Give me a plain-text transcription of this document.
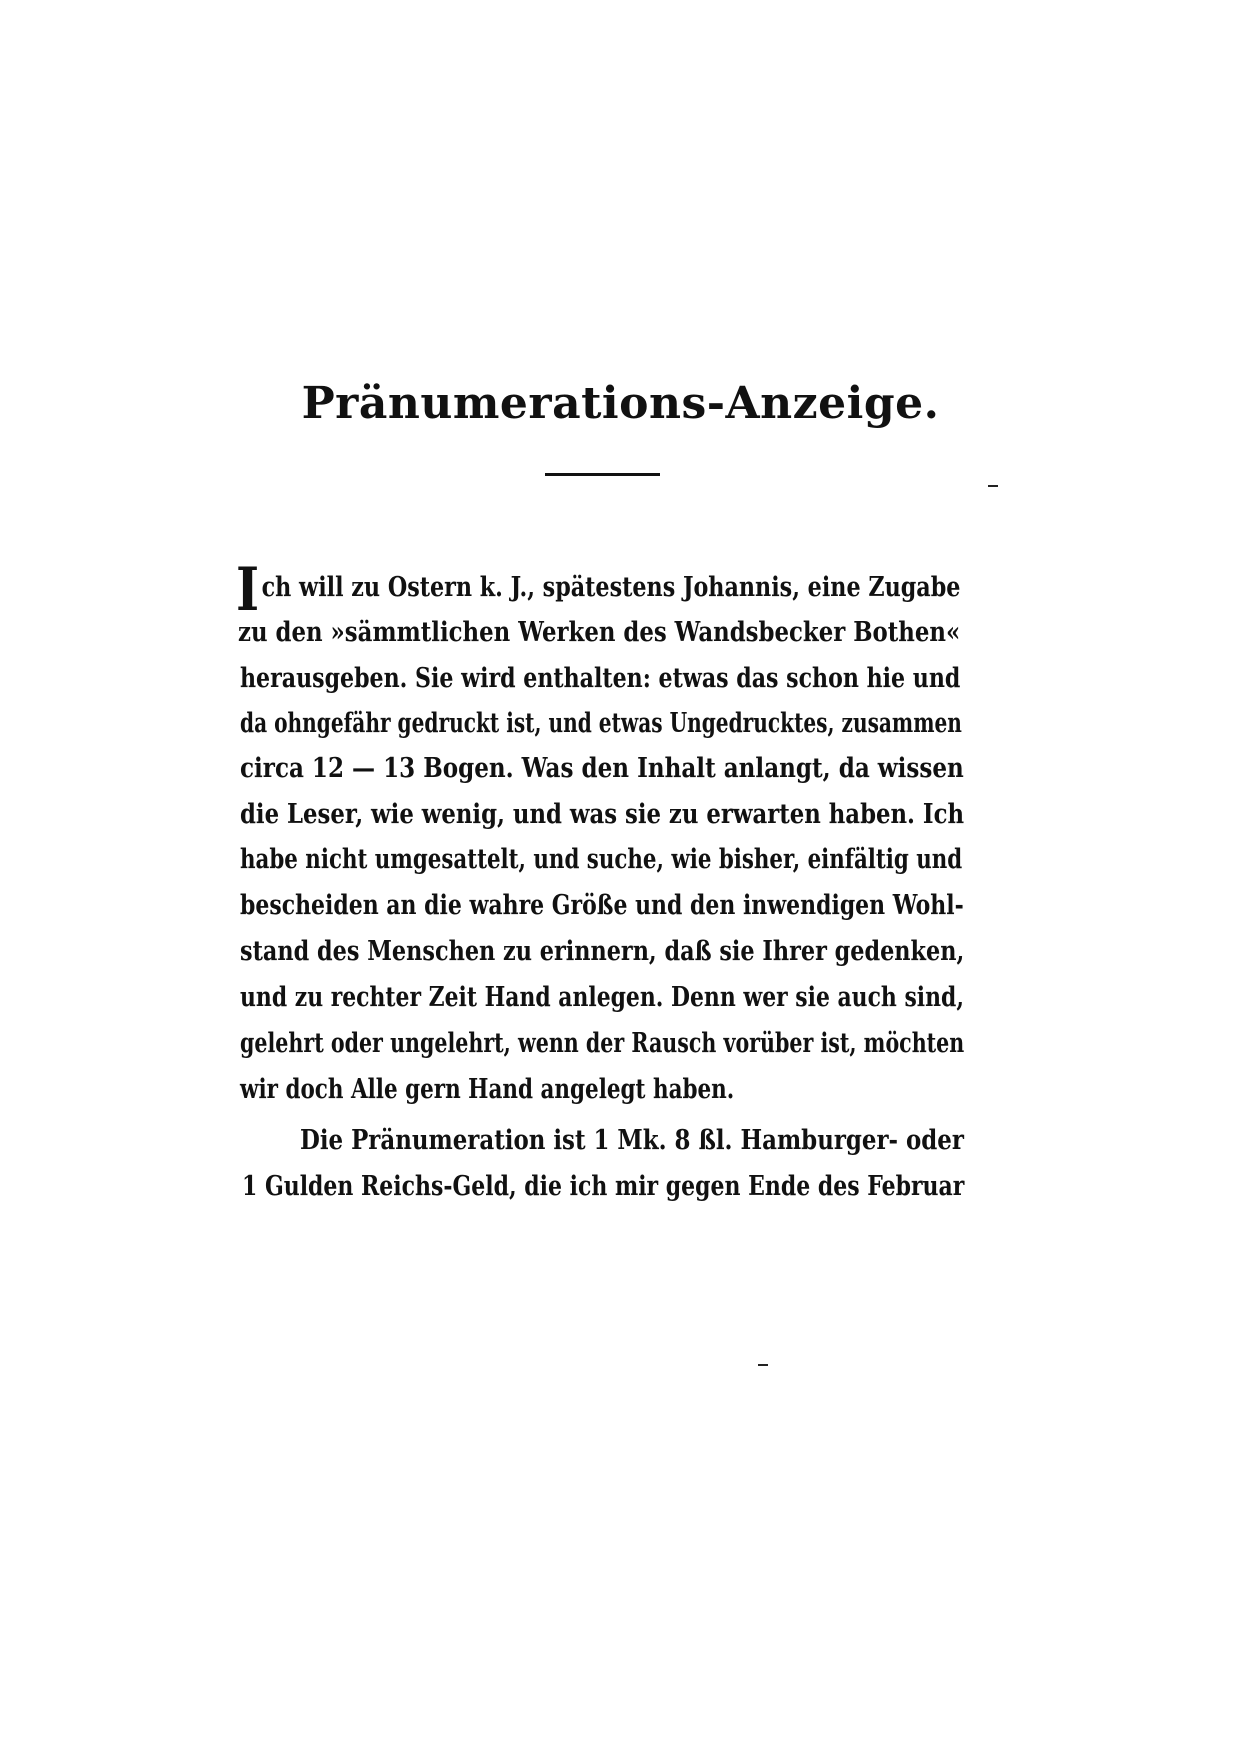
Pränumerations-Anzeige.
Ich will zu Ostern k. J., spätestens Johannis, eine Zugabe
zu den »sämmtlichen Werken des Wandsbecker Bothen«
herausgeben. Sie wird enthalten: etwas das schon hie und
da ohngefähr gedruckt ist, und etwas Ungedrucktes, zusammen
circa 12 — 13 Bogen. Was den Inhalt anlangt, da wissen
die Leser, wie wenig, und was sie zu erwarten haben. Ich
habe nicht umgesattelt, und suche, wie bisher, einfältig und
bescheiden an die wahre Größe und den inwendigen Wohl-
stand des Menschen zu erinnern, daß sie Ihrer gedenken,
und zu rechter Zeit Hand anlegen. Denn wer sie auch sind,
gelehrt oder ungelehrt, wenn der Rausch vorüber ist, möchten
wir doch Alle gern Hand angelegt haben.
Die Pränumeration ist 1 Mk. 8 ßl. Hamburger- oder
1 Gulden Reichs-Geld, die ich mir gegen Ende des Februar
